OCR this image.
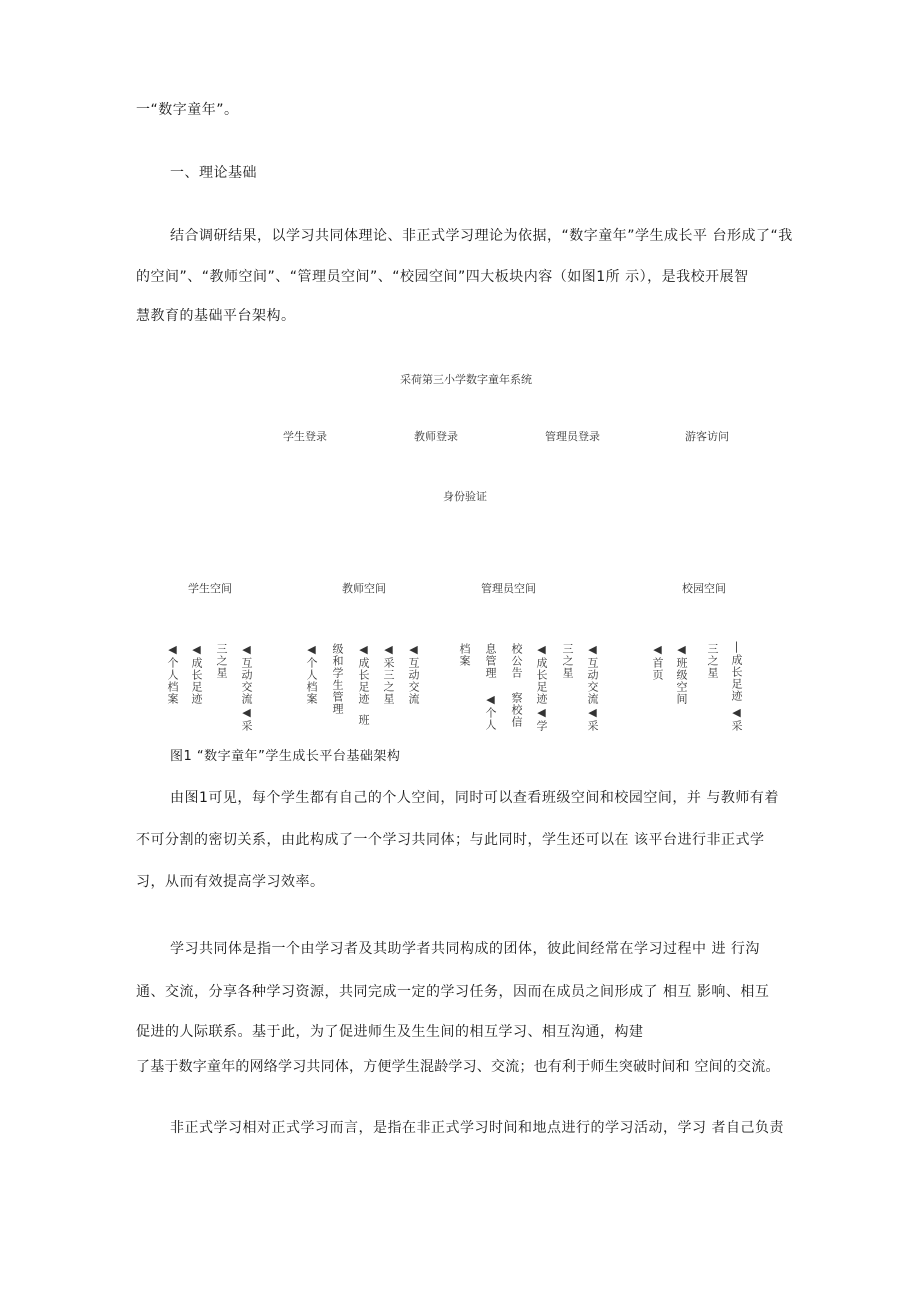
一“数字童年”。
一、理论基础
结合调研结果，以学习共同体理论、非正式学习理论为依据，“数字童年”学生成长平 台形成了“我
的空间”、“教师空间”、“管理员空间”、“校园空间”四大板块内容（如图1所 示），是我校开展智
慧教育的基础平台架构。
采荷第三小学数字童年系统
学生登录	教师登录	管理员登录	游客访问
身份验证
学生空间	教师空间	管理员空间	校园空间
◀个人档案
◀成长足迹 三之星 ◀互动交流
◀采
◀个人档案 级和学生管理
班
◀成长足迹
◀采三之星
◀互动交流
档案 息管理
◀个人
校公告
察校信
◀成长足迹
◀学
三之星 ◀互动交流
◀采
◀首页
◀班级空间 三之星 |成长足迹
◀采
图1 “数字童年”学生成长平台基础架构
由图1可见，每个学生都有自己的个人空间，同时可以查看班级空间和校园空间，并 与教师有着
不可分割的密切关系，由此构成了一个学习共同体；与此同时，学生还可以在 该平台进行非正式学
习，从而有效提高学习效率。
学习共同体是指一个由学习者及其助学者共同构成的团体，彼此间经常在学习过程中 进 行沟
通、交流，分享各种学习资源，共同完成一定的学习任务，因而在成员之间形成了 相互 影响、相互
促进的人际联系。基于此，为了促进师生及生生间的相互学习、相互沟通，构建
了基于数字童年的网络学习共同体，方便学生混龄学习、交流；也有利于师生突破时间和 空间的交流。
非正式学习相对正式学习而言，是指在非正式学习时间和地点进行的学习活动，学习 者自己负责
